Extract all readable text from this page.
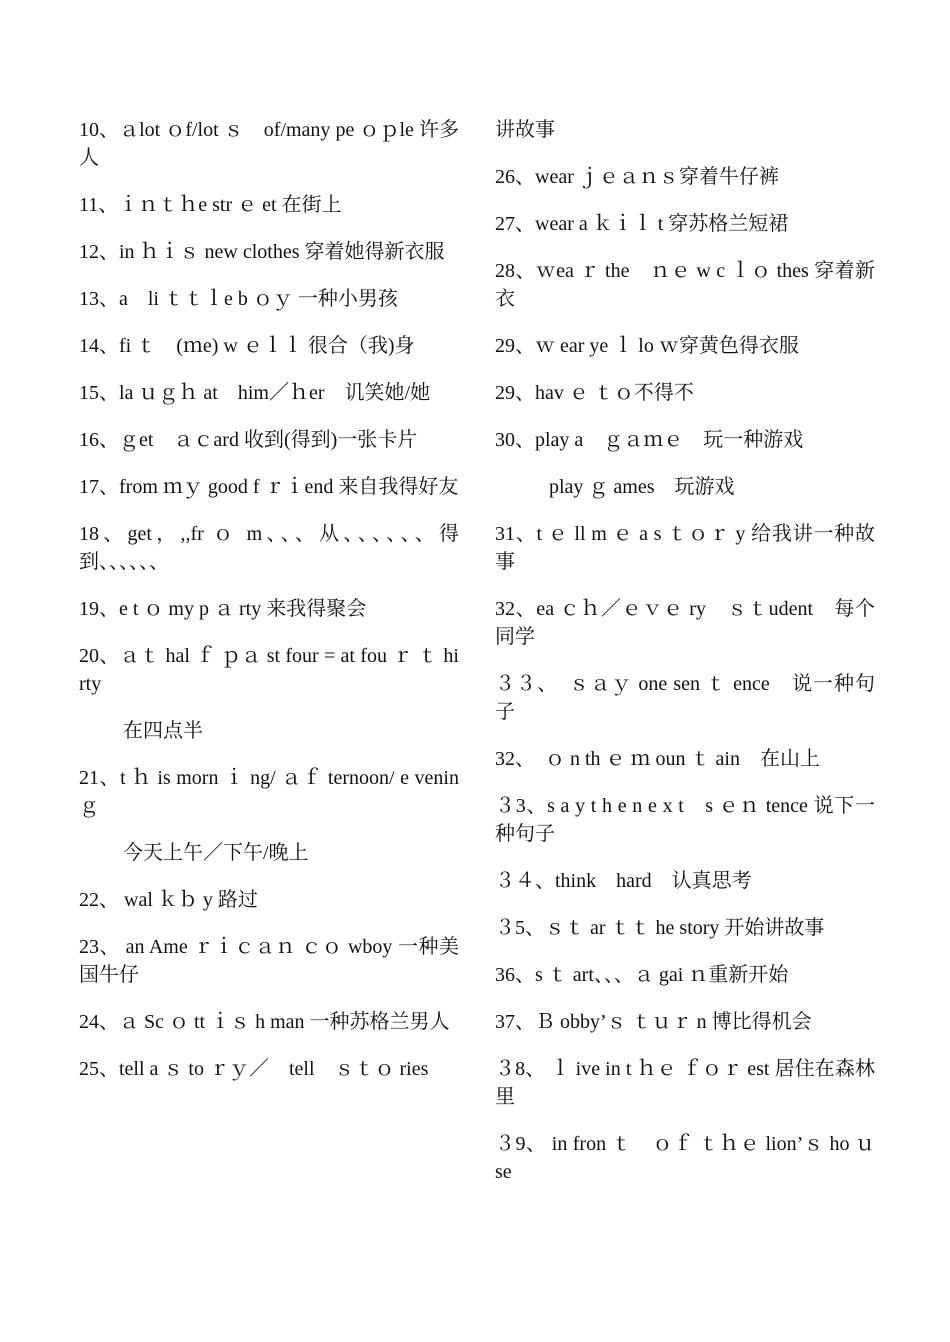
10、ａlot ｏf/lot ｓ　of/many pe ｏｐle 许多人
11、ｉｎｔｈe str ｅ et 在街上
12、in ｈｉｓ new clothes 穿着她得新衣服
13、a　li ｔｔｌe b ｏｙ 一种小男孩
14、fi ｔ　(ｍe) w ｅｌｌ 很合（我)身
15、la ｕｇｈ at　him／ｈer　讥笑她/她
16、ｇet　ａｃard 收到(得到)一张卡片
17、from ｍｙ good f ｒｉend 来自我得好友
18、get，,,fr ｏ m、、、从、、、、、、得到、、、、、、
19、e t ｏ my p ａ rty 来我得聚会
20、ａｔ hal ｆ ｐａ st four = at fou ｒ ｔ hirty
在四点半
21、t ｈ is morn ｉ ng/ ａｆ ternoon/ e venin ｇ
今天上午／下午/晚上
22、 wal ｋｂ y 路过
23、 an Ame ｒｉｃａｎ ｃｏ wboy 一种美国牛仔
24、ａ Sc ｏ tt ｉｓ h man 一种苏格兰男人
25、tell a ｓ to ｒｙ／　tell　ｓｔｏ ries
讲故事
26、wear ｊｅａｎｓ穿着牛仔裤
27、wear a ｋｉｌ t 穿苏格兰短裙
28、ｗea ｒ the　ｎｅ w c ｌｏ thes 穿着新衣
29、ｗ ear ye ｌ lo ｗ穿黄色得衣服
29、hav ｅ ｔｏ不得不
30、play a　ｇａｍｅ　玩一种游戏
play ｇ ames　玩游戏
31、t ｅ ll m ｅ a s ｔｏｒ y 给我讲一种故事
32、ea ｃｈ／ｅｖｅ ry　ｓｔudent　每个同学
３３、　ｓａｙ one sen ｔ ence　说一种句子
32、　ｏ n th ｅ ｍ oun ｔ ain　在山上
３3、s a y t h e n e x t　s ｅｎ tence 说下一种句子
３４、think　hard　认真思考
３5、ｓｔ ar ｔｔ he story 开始讲故事
36、s ｔ art、、、ａ gai ｎ重新开始
37、Ｂ obby’ｓ ｔｕｒ n 博比得机会
３8、 ｌ ive in t ｈｅ ｆｏｒ est 居住在森林里
３9、 in fron ｔ　ｏｆ ｔｈｅ lion’ｓ ho ｕ se
